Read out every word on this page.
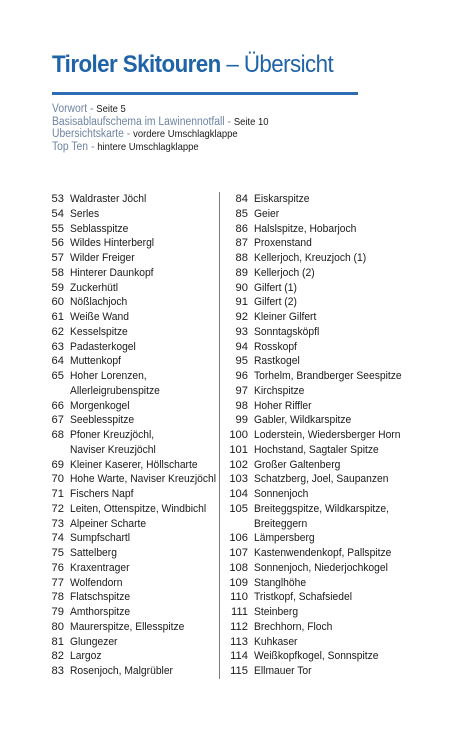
Tiroler Skitouren – Übersicht
Vorwort - Seite 5
Basisablaufschema im Lawinennotfall - Seite 10
Übersichtskarte - vordere Umschlagklappe
Top Ten - hintere Umschlagklappe
53 Waldraster Jöchl
54 Serles
55 Seblasspitze
56 Wildes Hinterbergl
57 Wilder Freiger
58 Hinterer Daunkopf
59 Zuckerhütl
60 Nößlachjoch
61 Weiße Wand
62 Kesselspitze
63 Padasterkogel
64 Muttenkopf
65 Hoher Lorenzen,
Allerleigrubenspitze
66 Morgenkogel
67 Seeblesspitze
68 Pfoner Kreuzjöchl,
Naviser Kreuzjöchl
69 Kleiner Kaserer, Höllscharte
70 Hohe Warte, Naviser Kreuzjöchl
71 Fischers Napf
72 Leiten, Ottenspitze, Windbichl
73 Alpeiner Scharte
74 Sumpfschartl
75 Sattelberg
76 Kraxentrager
77 Wolfendorn
78 Flatschspitze
79 Amthorspitze
80 Maurerspitze, Ellesspitze
81 Glungezer
82 Largoz
83 Rosenjoch, Malgrübler
84 Eiskarspitze
85 Geier
86 Halslspitze, Hobarjoch
87 Proxenstand
88 Kellerjoch, Kreuzjoch (1)
89 Kellerjoch (2)
90 Gilfert (1)
91 Gilfert (2)
92 Kleiner Gilfert
93 Sonntagsköpfl
94 Rosskopf
95 Rastkogel
96 Torhelm, Brandberger Seespitze
97 Kirchspitze
98 Hoher Riffler
99 Gabler, Wildkarspitze
100 Loderstein, Wiedersberger Horn
101 Hochstand, Sagtaler Spitze
102 Großer Galtenberg
103 Schatzberg, Joel, Saupanzen
104 Sonnenjoch
105 Breiteggspitze, Wildkarspitze,
Breiteggern
106 Lämpersberg
107 Kastenwendenkopf, Pallspitze
108 Sonnenjoch, Niederjochkogel
109 Stanglhöhe
110 Tristkopf, Schafsiedel
111 Steinberg
112 Brechhorn, Floch
113 Kuhkaser
114 Weißkopfkogel, Sonnspitze
115 Ellmauer Tor
